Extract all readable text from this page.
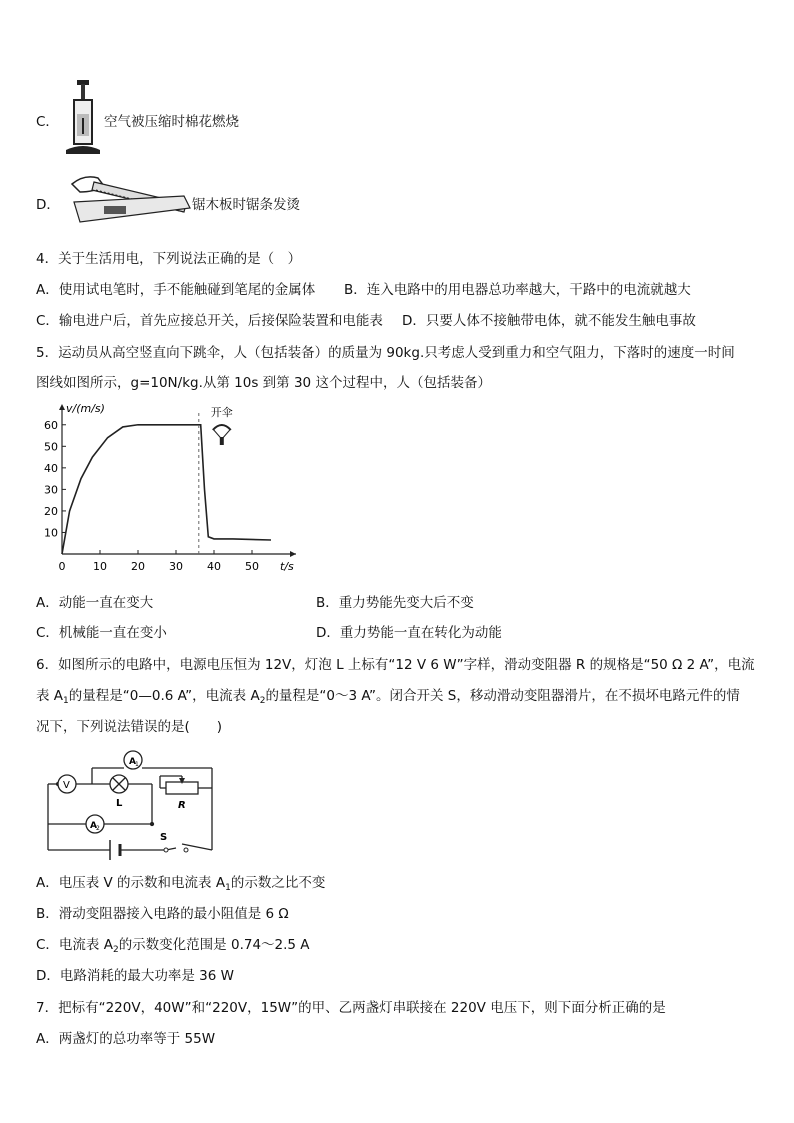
C．	空气被压缩时棉花燃烧
D．	锯木板时锯条发烫
4．关于生活用电，下列说法正确的是（　）
A．使用试电笔时，手不能触碰到笔尾的金属体 B．连入电路中的用电器总功率越大，干路中的电流就越大
C．输电进户后，首先应接总开关，后接保险装置和电能表 D．只要人体不接触带电体，就不能发生触电事故
5．运动员从高空竖直向下跳伞，人（包括装备）的质量为 90kg.只考虑人受到重力和空气阻力，下落时的速度一时间
图线如图所示，g=10N/kg.从第 10s 到第 30 这个过程中，人（包括装备）
10
20
30
40
50
60
0	10 20 30 40 50
v/(m/s)
t/s
开伞
A．动能一直在变大	B．重力势能先变大后不变
C．机械能一直在变小	D．重力势能一直在转化为动能
6．如图所示的电路中，电源电压恒为 12V，灯泡 L 上标有“12 V 6 W”字样，滑动变阻器 R 的规格是“50 Ω 2 A”，电流
表 $A_1$的量程是“0—0.6 A”，电流表 $A_2$的量程是“0～3 A”。闭合开关 S，移动滑动变阻器滑片，在不损坏电路元件的情
况下，下列说法错误的是(　　)
A 1
V
L	R
A 2
S
A．电压表 V 的示数和电流表 $A_1$的示数之比不变
B．滑动变阻器接入电路的最小阻值是 6 Ω
C．电流表 $A_2$的示数变化范围是 0.74～2.5 A
D．电路消耗的最大功率是 36 W
7．把标有“220V，40W”和“220V，15W”的甲、乙两盏灯串联接在 220V 电压下，则下面分析正确的是
A．两盏灯的总功率等于 55W
